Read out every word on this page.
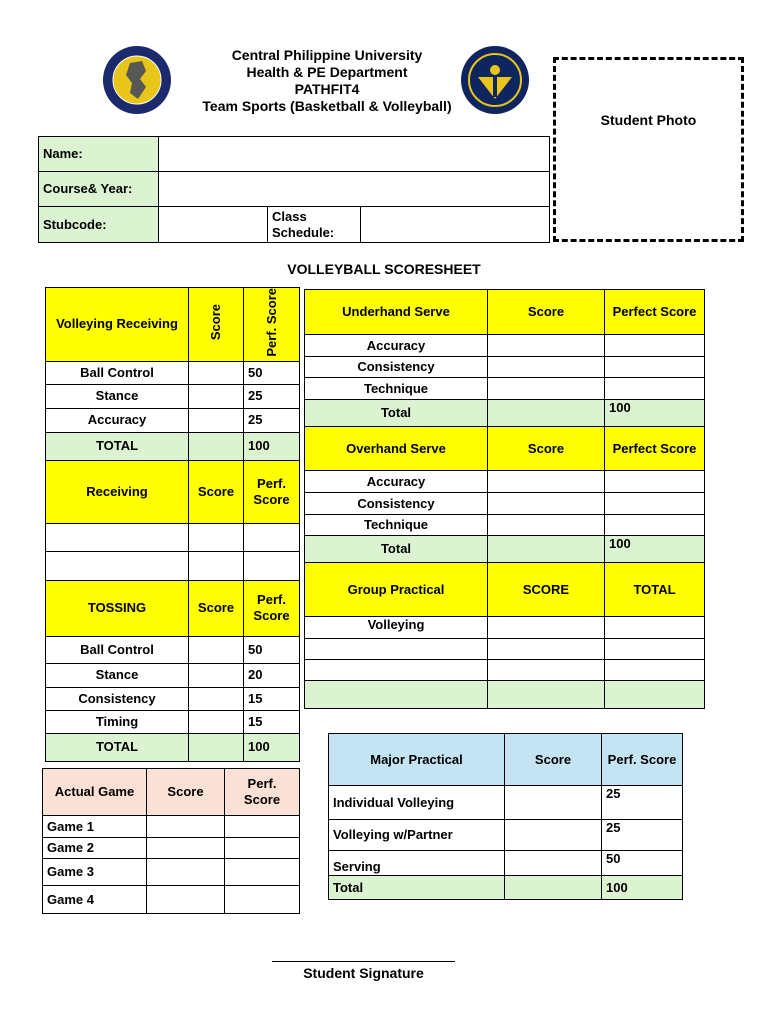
Central Philippine University
Health & PE Department
PATHFIT4
Team Sports (Basketball & Volleyball)
Student Photo
Name:			
Course& Year:			
Stubcode:		Class Schedule:	
VOLLEYBALL SCORESHEET
Volleying Receiving	Score	Perf. Score
Ball Control		50
Stance		25
Accuracy		25
TOTAL		100
Receiving	Score	Perf. Score

TOSSING	Score	Perf. Score
Ball Control		50
Stance		20
Consistency		15
Timing		15
TOTAL		100
Actual Game	Score	Perf. Score
Game 1		
Game 2		
Game 3		
Game 4		
Underhand Serve	Score	Perfect Score
Accuracy		
Consistency		
Technique		
Total		100
Overhand Serve	Score	Perfect Score
Accuracy		
Consistency		
Technique		
Total		100
Group Practical	SCORE	TOTAL
Volleying		

Major Practical	Score	Perf. Score
Individual Volleying		25
Volleying w/Partner		25
Serving		50
Total		100
Student Signature
